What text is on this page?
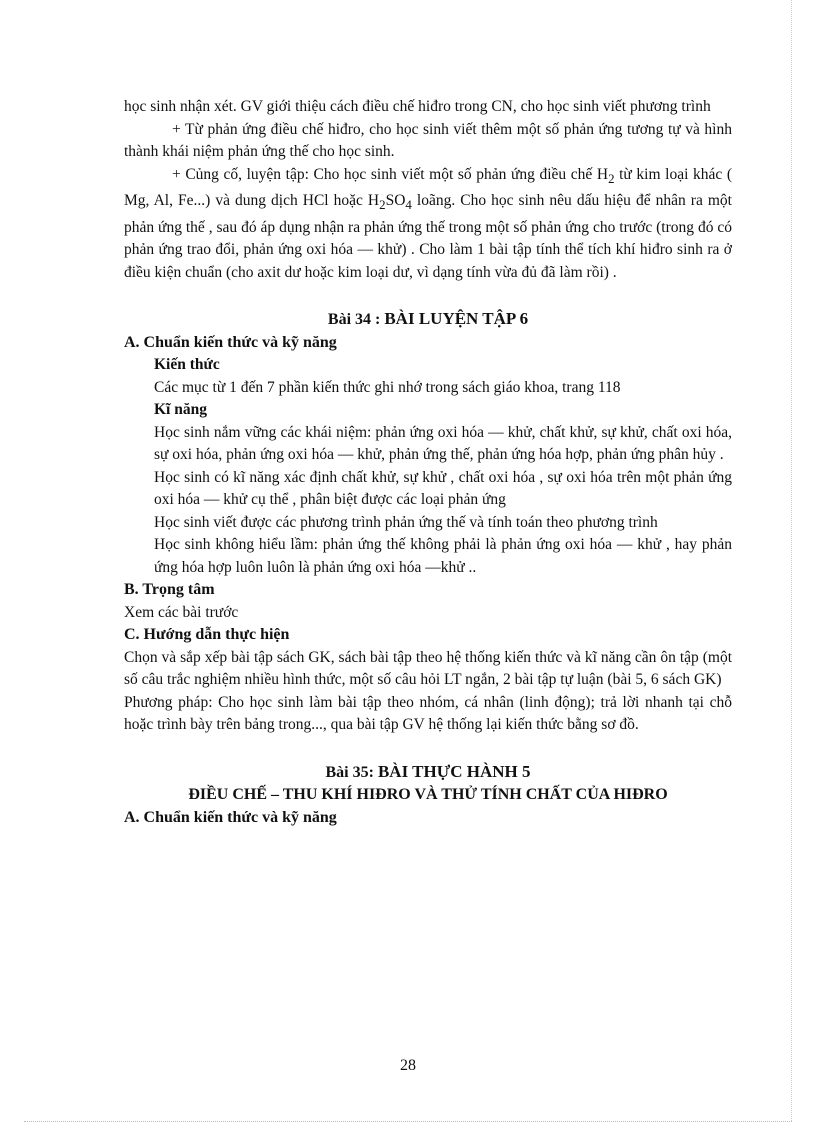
học sinh nhận xét. GV giới thiệu cách điều chế hiđro trong CN, cho học sinh viết phương trình

+ Từ phản ứng điều chế hiđro, cho học sinh viết thêm một số phản ứng tương tự và hình thành khái niệm phản ứng thế cho học sinh.

+ Củng cố, luyện tập: Cho học sinh viết một số phản ứng điều chế $H_2$ từ kim loại khác ( Mg, Al, Fe...) và dung dịch HCl hoặc $H_2SO_4$ loãng. Cho học sinh nêu dấu hiệu để nhân ra một phản ứng thế , sau đó áp dụng nhận ra phản ứng thế trong một số phản ứng cho trước (trong đó có phản ứng trao đổi, phản ứng oxi hóa — khử) . Cho làm 1 bài tập tính thể tích khí hiđro sinh ra ở điều kiện chuẩn (cho axit dư hoặc kim loại dư, vì dạng tính vừa đủ đã làm rồi) .

Bài 34 : BÀI LUYỆN TẬP 6
A. Chuẩn kiến thức và kỹ năng
Kiến thức

Các mục từ 1 đến 7 phần kiến thức ghi nhớ trong sách giáo khoa, trang 118

Kĩ năng

Học sinh nắm vững các khái niệm: phản ứng oxi hóa — khử, chất khử, sự khử, chất oxi hóa, sự oxi hóa, phản ứng oxi hóa — khử, phản ứng thế, phản ứng hóa hợp, phản ứng phân hủy .

Học sinh có kĩ năng xác định chất khử, sự khử , chất oxi hóa , sự oxi hóa trên một phản ứng oxi hóa — khử cụ thể , phân biệt được các loại phản ứng

Học sinh viết được các phương trình phản ứng thế và tính toán theo phương trình

Học sinh không hiểu lầm: phản ứng thế không phải là phản ứng oxi hóa — khử , hay phản ứng hóa hợp luôn luôn là phản ứng oxi hóa —khử ..

B. Trọng tâm

Xem các bài trước

C. Hướng dẫn thực hiện

Chọn và sắp xếp bài tập sách GK, sách bài tập theo hệ thống kiến thức và kĩ năng cần ôn tập (một số câu trắc nghiệm nhiều hình thức, một số câu hỏi LT ngắn, 2 bài tập tự luận (bài 5, 6 sách GK)

Phương pháp: Cho học sinh làm bài tập theo nhóm, cá nhân (linh động); trả lời nhanh tại chỗ hoặc trình bày trên bảng trong..., qua bài tập GV hệ thống lại kiến thức bằng sơ đồ.

Bài 35: BÀI THỰC HÀNH 5
ĐIỀU CHẾ – THU KHÍ HIĐRO VÀ THỬ TÍNH CHẤT CỦA HIĐRO
A. Chuẩn kiến thức và kỹ năng
28
